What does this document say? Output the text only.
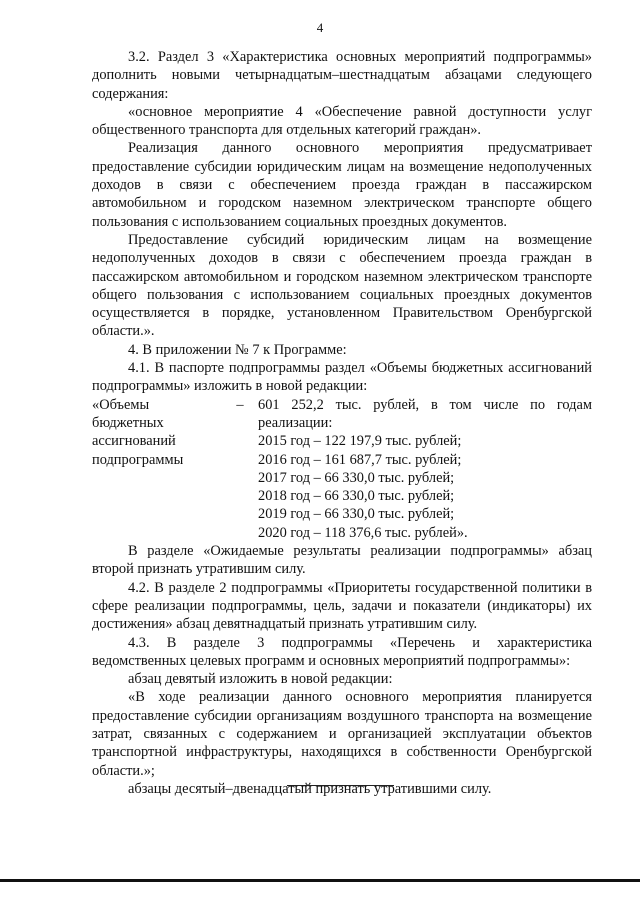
4

3.2. Раздел 3 «Характеристика основных мероприятий подпрограммы» дополнить новыми четырнадцатым–шестнадцатым абзацами следующего содержания:

«основное мероприятие 4 «Обеспечение равной доступности услуг общественного транспорта для отдельных категорий граждан».

Реализация данного основного мероприятия предусматривает предоставление субсидии юридическим лицам на возмещение недополученных доходов в связи с обеспечением проезда граждан в пассажирском автомобильном и городском наземном электрическом транспорте общего пользования с использованием социальных проездных документов.

Предоставление субсидий юридическим лицам на возмещение недополученных доходов в связи с обеспечением проезда граждан в пассажирском автомобильном и городском наземном электрическом транспорте общего пользования с использованием социальных проездных документов осуществляется в порядке, установленном Правительством Оренбургской области.».

4. В приложении № 7 к Программе:

4.1. В паспорте подпрограммы раздел «Объемы бюджетных ассигнований подпрограммы» изложить в новой редакции:

«Объемы
бюджетных
ассигнований
подпрограммы
–	601 252,2 тыс. рублей, в том числе по годам реализации:
2015 год – 122 197,9 тыс. рублей;
2016 год – 161 687,7 тыс. рублей;
2017 год – 66 330,0 тыс. рублей;
2018 год – 66 330,0 тыс. рублей;
2019 год – 66 330,0 тыс. рублей;
2020 год – 118 376,6 тыс. рублей».

В разделе «Ожидаемые результаты реализации подпрограммы» абзац второй признать утратившим силу.

4.2. В разделе 2 подпрограммы «Приоритеты государственной политики в сфере реализации подпрограммы, цель, задачи и показатели (индикаторы) их достижения» абзац девятнадцатый признать утратившим силу.

4.3. В разделе 3 подпрограммы «Перечень и характеристика ведомственных целевых программ и основных мероприятий подпрограммы»:

абзац девятый изложить в новой редакции:

«В ходе реализации данного основного мероприятия планируется предоставление субсидии организациям воздушного транспорта на возмещение затрат, связанных с содержанием и организацией эксплуатации объектов транспортной инфраструктуры, находящихся в собственности Оренбургской области.»;

абзацы десятый–двенадцатый признать утратившими силу.
